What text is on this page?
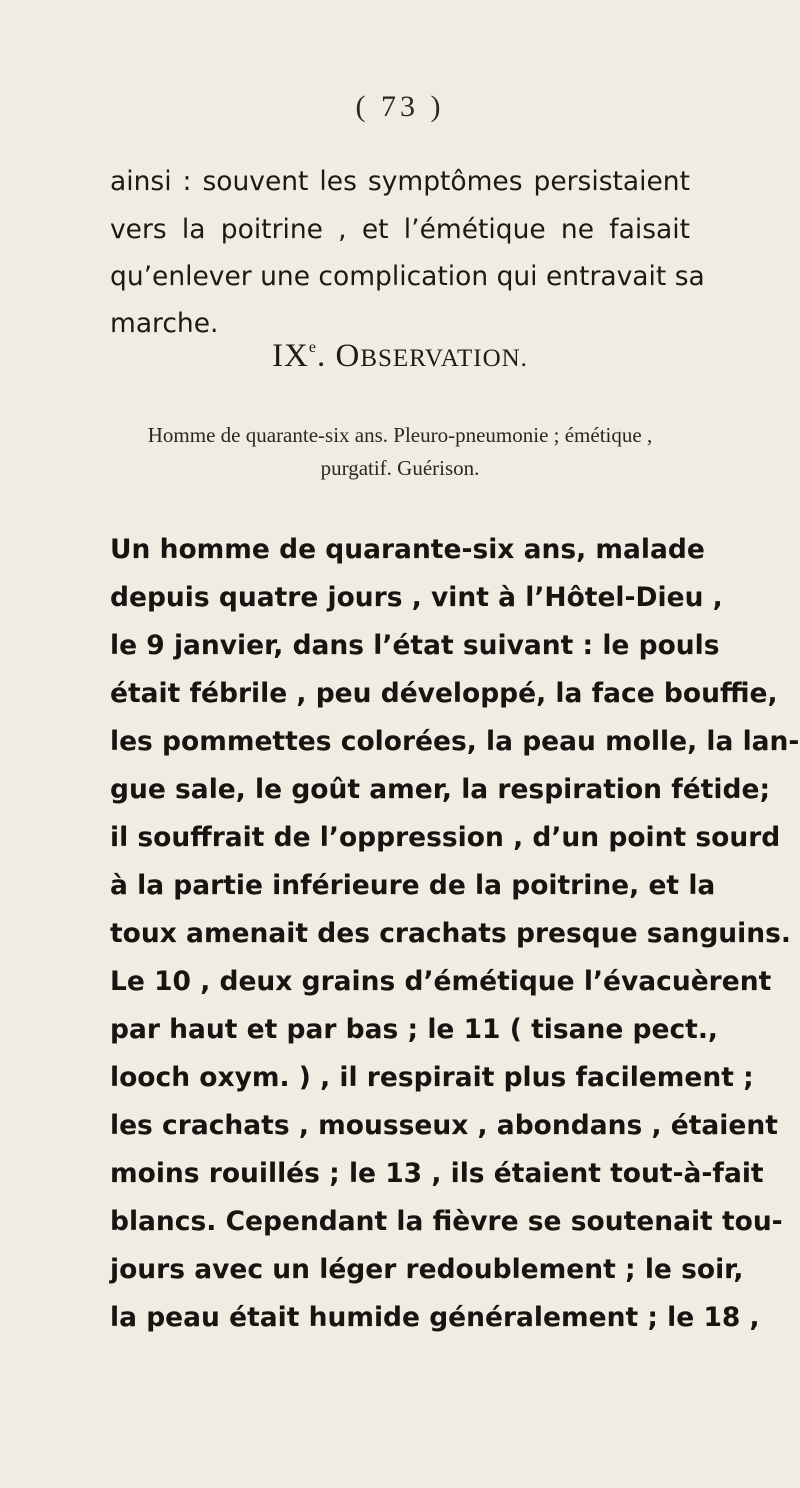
( 73 )
ainsi : souvent les symptômes persistaient
vers la poitrine , et l’émétique ne faisait
qu’enlever une complication qui entravait sa
marche.
IXe. OBSERVATION.
Homme de quarante-six ans. Pleuro-pneumonie ; émétique ,
purgatif. Guérison.
Un homme de quarante-six ans, malade
depuis quatre jours , vint à l’Hôtel-Dieu ,
le 9 janvier, dans l’état suivant : le pouls
était fébrile , peu développé, la face bouffie,
les pommettes colorées, la peau molle, la lan-
gue sale, le goût amer, la respiration fétide;
il souffrait de l’oppression , d’un point sourd
à la partie inférieure de la poitrine, et la
toux amenait des crachats presque sanguins.
Le 10 , deux grains d’émétique l’évacuèrent
par haut et par bas ; le 11 ( tisane pect.,
looch oxym. ) , il respirait plus facilement ;
les crachats , mousseux , abondans , étaient
moins rouillés ; le 13 , ils étaient tout-à-fait
blancs. Cependant la fièvre se soutenait tou-
jours avec un léger redoublement ; le soir,
la peau était humide généralement ; le 18 ,
